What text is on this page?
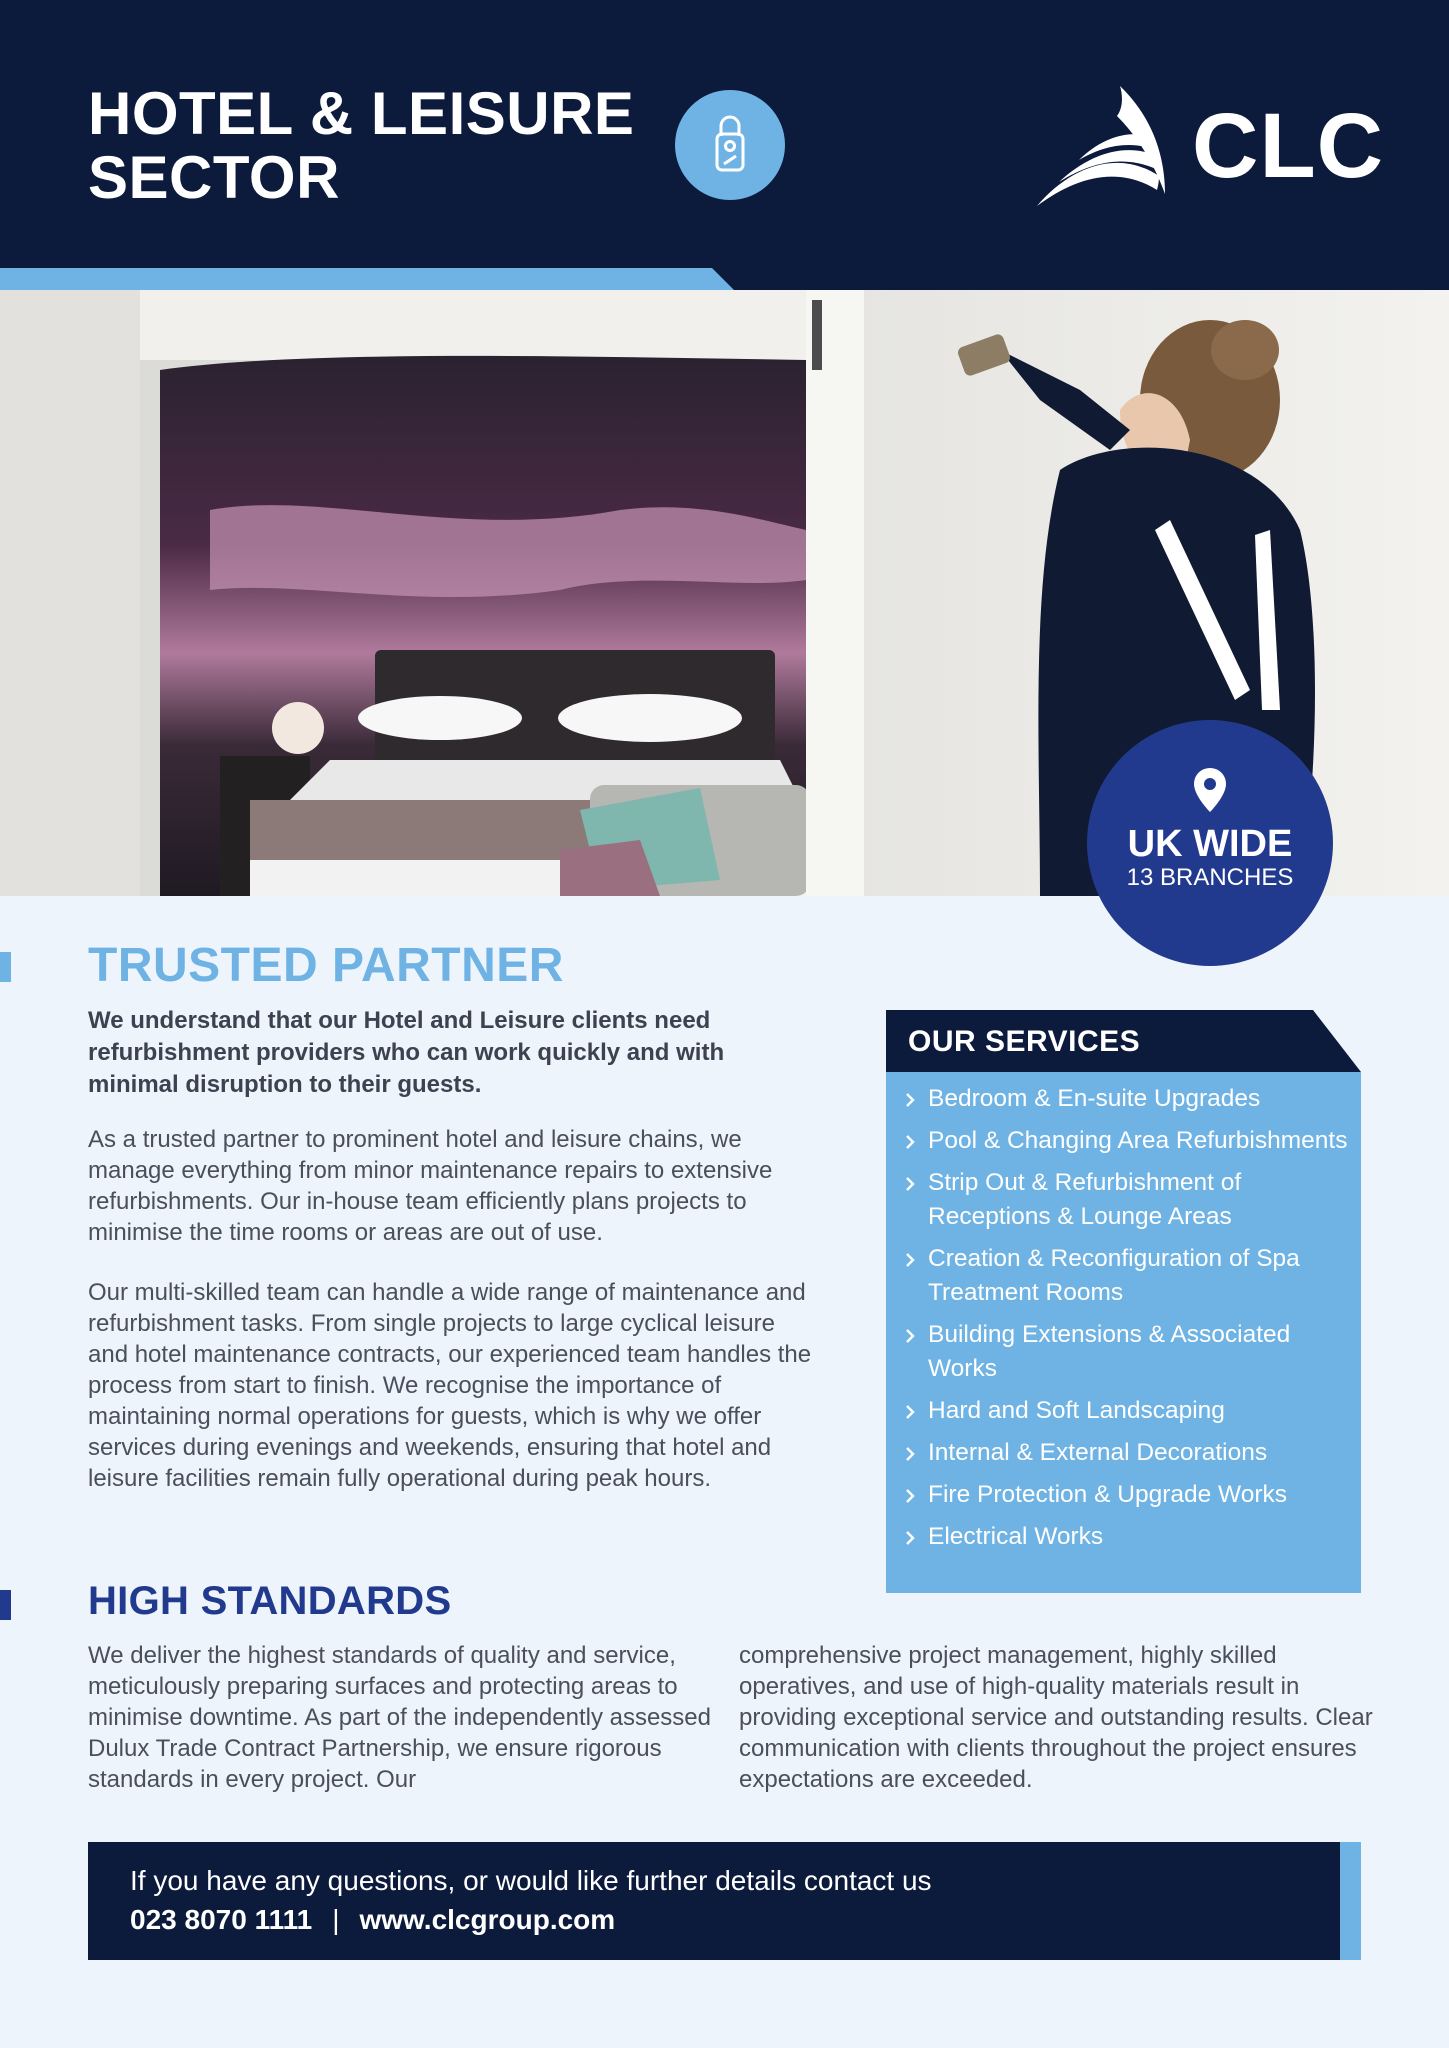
HOTEL & LEISURE
SECTOR	CLC
UK WIDE
13 BRANCHES
TRUSTED PARTNER

We understand that our Hotel and Leisure clients need refurbishment providers who can work quickly and with minimal disruption to their guests.

As a trusted partner to prominent hotel and leisure chains, we manage everything from minor maintenance repairs to extensive refurbishments. Our in-house team efficiently plans projects to minimise the time rooms or areas are out of use.

Our multi-skilled team can handle a wide range of maintenance and refurbishment tasks. From single projects to large cyclical leisure and hotel maintenance contracts, our experienced team handles the process from start to finish. We recognise the importance of maintaining normal operations for guests, which is why we offer services during evenings and weekends, ensuring that hotel and leisure facilities remain fully operational during peak hours.

OUR SERVICES
Bedroom & En-suite Upgrades
Pool & Changing Area Refurbishments
Strip Out & Refurbishment of Receptions & Lounge Areas
Creation & Reconfiguration of Spa Treatment Rooms
Building Extensions & Associated Works
Hard and Soft Landscaping
Internal & External Decorations
Fire Protection & Upgrade Works
Electrical Works
HIGH STANDARDS

We deliver the highest standards of quality and service, meticulously preparing surfaces and protecting areas to minimise downtime. As part of the independently assessed Dulux Trade Contract Partnership, we ensure rigorous standards in every project. Our

comprehensive project management, highly skilled operatives, and use of high-quality materials result in providing exceptional service and outstanding results. Clear communication with clients throughout the project ensures expectations are exceeded.

If you have any questions, or would like further details contact us
023 8070 1111 | www.clcgroup.com
